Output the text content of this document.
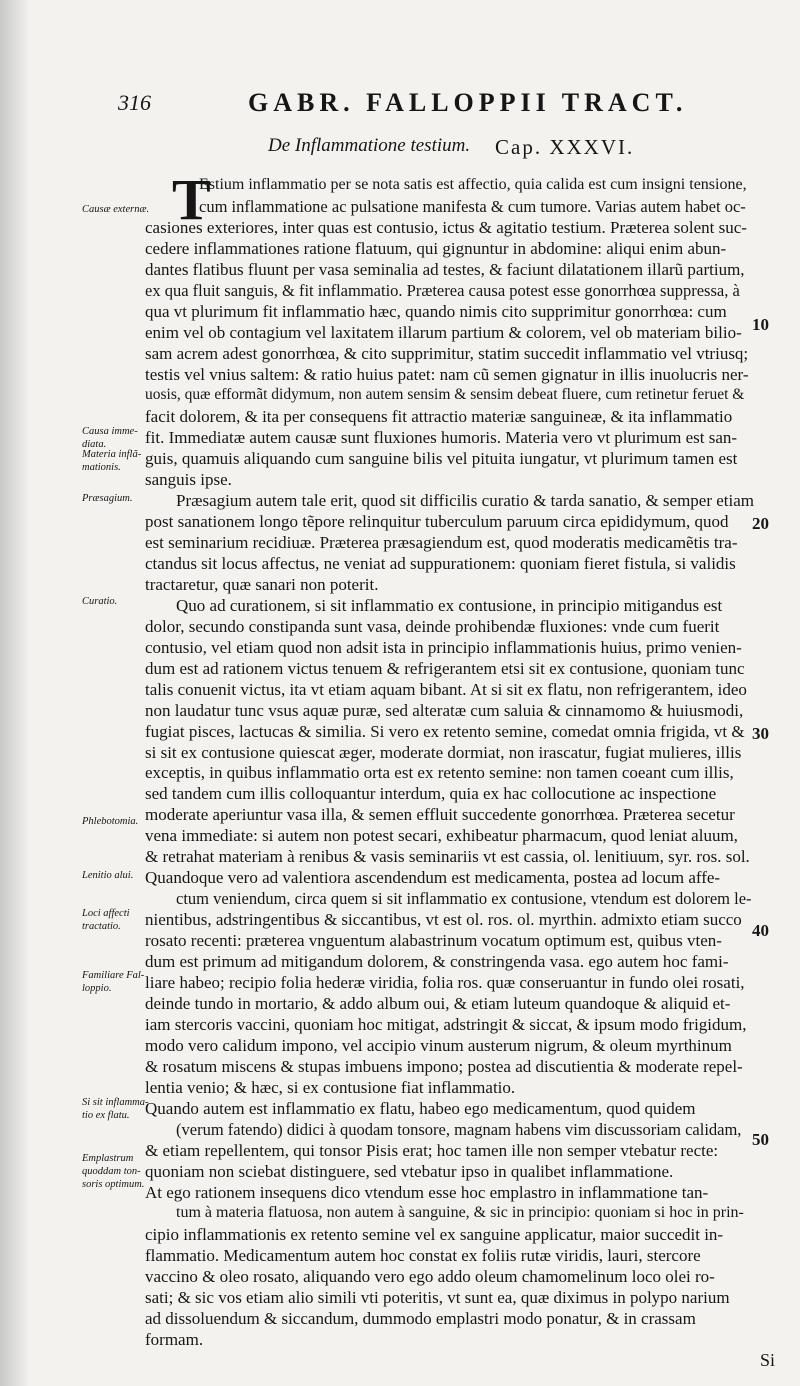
316	GABR. FALLOPPII TRACT.
De Inflammatione testium. Cap. XXXVI.
T
Estium inflammatio per se nota satis est affectio, quia calida est cum insigni tensione,
cum inflammatione ac pulsatione manifesta & cum tumore. Varias autem habet oc-
casiones exteriores, inter quas est contusio, ictus & agitatio testium. Præterea solent suc-
cedere inflammationes ratione flatuum, qui gignuntur in abdomine: aliqui enim abun-
dantes flatibus fluunt per vasa seminalia ad testes, & faciunt dilatationem illarũ partium,
ex qua fluit sanguis, & fit inflammatio. Præterea causa potest esse gonorrhœa suppressa, à
qua vt plurimum fit inflammatio hæc, quando nimis cito supprimitur gonorrhœa: cum
enim vel ob contagium vel laxitatem illarum partium & colorem, vel ob materiam bilio-
sam acrem adest gonorrhœa, & cito supprimitur, statim succedit inflammatio vel vtriusq;
testis vel vnius saltem: & ratio huius patet: nam cũ semen gignatur in illis inuolucris ner-
uosis, quæ efformãt didymum, non autem sensim & sensim debeat fluere, cum retinetur feruet &
facit dolorem, & ita per consequens fit attractio materiæ sanguineæ, & ita inflammatio
fit. Immediatæ autem causæ sunt fluxiones humoris. Materia vero vt plurimum est san-
guis, quamuis aliquando cum sanguine bilis vel pituita iungatur, vt plurimum tamen est
sanguis ipse.
Præsagium autem tale erit, quod sit difficilis curatio & tarda sanatio, & semper etiam
post sanationem longo tẽpore relinquitur tuberculum paruum circa epididymum, quod
est seminarium recidiuæ. Præterea præsagiendum est, quod moderatis medicamẽtis tra-
ctandus sit locus affectus, ne veniat ad suppurationem: quoniam fieret fistula, si validis
tractaretur, quæ sanari non poterit.
Quo ad curationem, si sit inflammatio ex contusione, in principio mitigandus est
dolor, secundo constipanda sunt vasa, deinde prohibendæ fluxiones: vnde cum fuerit
contusio, vel etiam quod non adsit ista in principio inflammationis huius, primo venien-
dum est ad rationem victus tenuem & refrigerantem etsi sit ex contusione, quoniam tunc
talis conuenit victus, ita vt etiam aquam bibant. At si sit ex flatu, non refrigerantem, ideo
non laudatur tunc vsus aquæ puræ, sed alteratæ cum saluia & cinnamomo & huiusmodi,
fugiat pisces, lactucas & similia. Si vero ex retento semine, comedat omnia frigida, vt &
si sit ex contusione quiescat æger, moderate dormiat, non irascatur, fugiat mulieres, illis
exceptis, in quibus inflammatio orta est ex retento semine: non tamen coeant cum illis,
sed tandem cum illis colloquantur interdum, quia ex hac collocutione ac inspectione
moderate aperiuntur vasa illa, & semen effluit succedente gonorrhœa. Præterea secetur
vena immediate: si autem non potest secari, exhibeatur pharmacum, quod leniat aluum,
& retrahat materiam à renibus & vasis seminariis vt est cassia, ol. lenitiuum, syr. ros. sol.
Quandoque vero ad valentiora ascendendum est medicamenta, postea ad locum affe-
ctum veniendum, circa quem si sit inflammatio ex contusione, vtendum est dolorem le-
nientibus, adstringentibus & siccantibus, vt est ol. ros. ol. myrthin. admixto etiam succo
rosato recenti: præterea vnguentum alabastrinum vocatum optimum est, quibus vten-
dum est primum ad mitigandum dolorem, & constringenda vasa. ego autem hoc fami-
liare habeo; recipio folia hederæ viridia, folia ros. quæ conseruantur in fundo olei rosati,
deinde tundo in mortario, & addo album oui, & etiam luteum quandoque & aliquid et-
iam stercoris vaccini, quoniam hoc mitigat, adstringit & siccat, & ipsum modo frigidum,
modo vero calidum impono, vel accipio vinum austerum nigrum, & oleum myrthinum
& rosatum miscens & stupas imbuens impono; postea ad discutientia & moderate repel-
lentia venio; & hæc, si ex contusione fiat inflammatio.
Quando autem est inflammatio ex flatu, habeo ego medicamentum, quod quidem
(verum fatendo) didici à quodam tonsore, magnam habens vim discussoriam calidam,
& etiam repellentem, qui tonsor Pisis erat; hoc tamen ille non semper vtebatur recte:
quoniam non sciebat distinguere, sed vtebatur ipso in qualibet inflammatione.
At ego rationem insequens dico vtendum esse hoc emplastro in inflammatione tan-
tum à materia flatuosa, non autem à sanguine, & sic in principio: quoniam si hoc in prin-
cipio inflammationis ex retento semine vel ex sanguine applicatur, maior succedit in-
flammatio. Medicamentum autem hoc constat ex foliis rutæ viridis, lauri, stercore
vaccino & oleo rosato, aliquando vero ego addo oleum chamomelinum loco olei ro-
sati; & sic vos etiam alio simili vti poteritis, vt sunt ea, quæ diximus in polypo narium
ad dissoluendum & siccandum, dummodo emplastri modo ponatur, & in crassam
formam.
Causæ externæ.
Causa imme-diata.
Materia inflã-mationis.
Præsagium.
Curatio.
Phlebotomia.
Lenitio alui.
Loci affecti tractatio.
Familiare Fal-loppio.
Si sit inflamma-tio ex flatu.
Emplastrum quoddam ton-soris optimum.
10
20
30
40
50
Si
